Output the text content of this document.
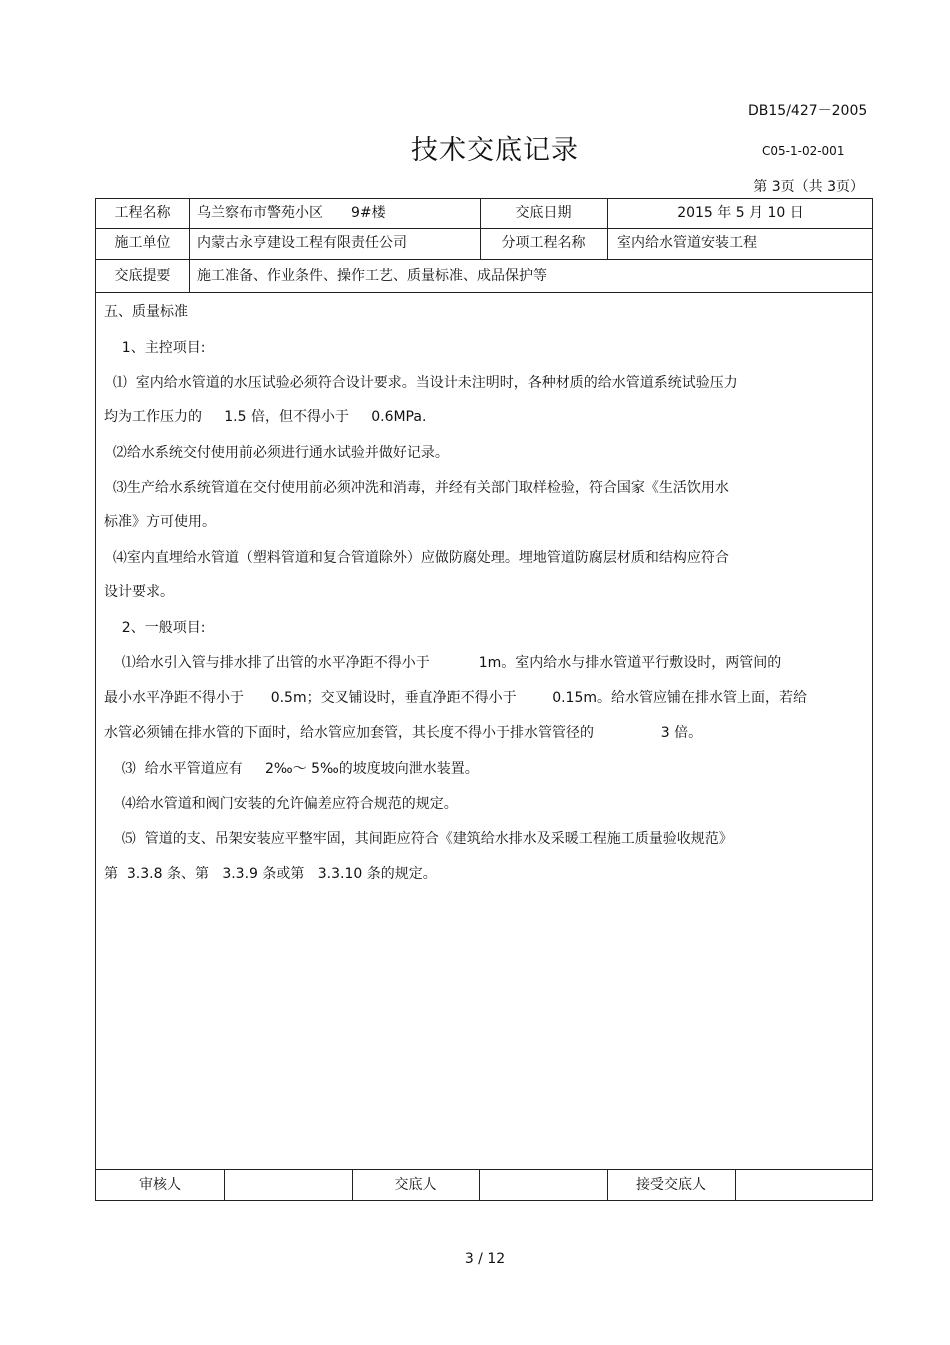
DB15/427－2005
技术交底记录	C05-1-02-001
第 3页（共 3页）
工程名称	乌兰察布市警苑小区　　9#楼	交底日期	2015 年 5 月 10 日
施工单位	内蒙古永亨建设工程有限责任公司	分项工程名称	室内给水管道安装工程
交底提要	施工准备、作业条件、操作工艺、质量标准、成品保护等
五、质量标准
1、主控项目:
⑴  室内给水管道的水压试验必须符合设计要求。当设计未注明时，各种材质的给水管道系统试验压力
均为工作压力的     1.5 倍，但不得小于     0.6MPa.
⑵给水系统交付使用前必须进行通水试验并做好记录。
⑶生产给水系统管道在交付使用前必须冲洗和消毒，并经有关部门取样检验，符合国家《生活饮用水
标准》方可使用。
⑷室内直埋给水管道（塑料管道和复合管道除外）应做防腐处理。埋地管道防腐层材质和结构应符合
设计要求。
2、一般项目:
⑴给水引入管与排水排了出管的水平净距不得小于           1m。室内给水与排水管道平行敷设时，两管间的
最小水平净距不得小于      0.5m；交叉铺设时，垂直净距不得小于        0.15m。给水管应铺在排水管上面，若给
水管必须铺在排水管的下面时，给水管应加套管，其长度不得小于排水管管径的               3 倍。
⑶  给水平管道应有     2‰～ 5‰的坡度坡向泄水装置。
⑷给水管道和阀门安装的允许偏差应符合规范的规定。
⑸  管道的支、吊架安装应平整牢固，其间距应符合《建筑给水排水及采暖工程施工质量验收规范》
第  3.3.8 条、第   3.3.9 条或第   3.3.10 条的规定。
审核人	交底人	接受交底人
3 / 12
